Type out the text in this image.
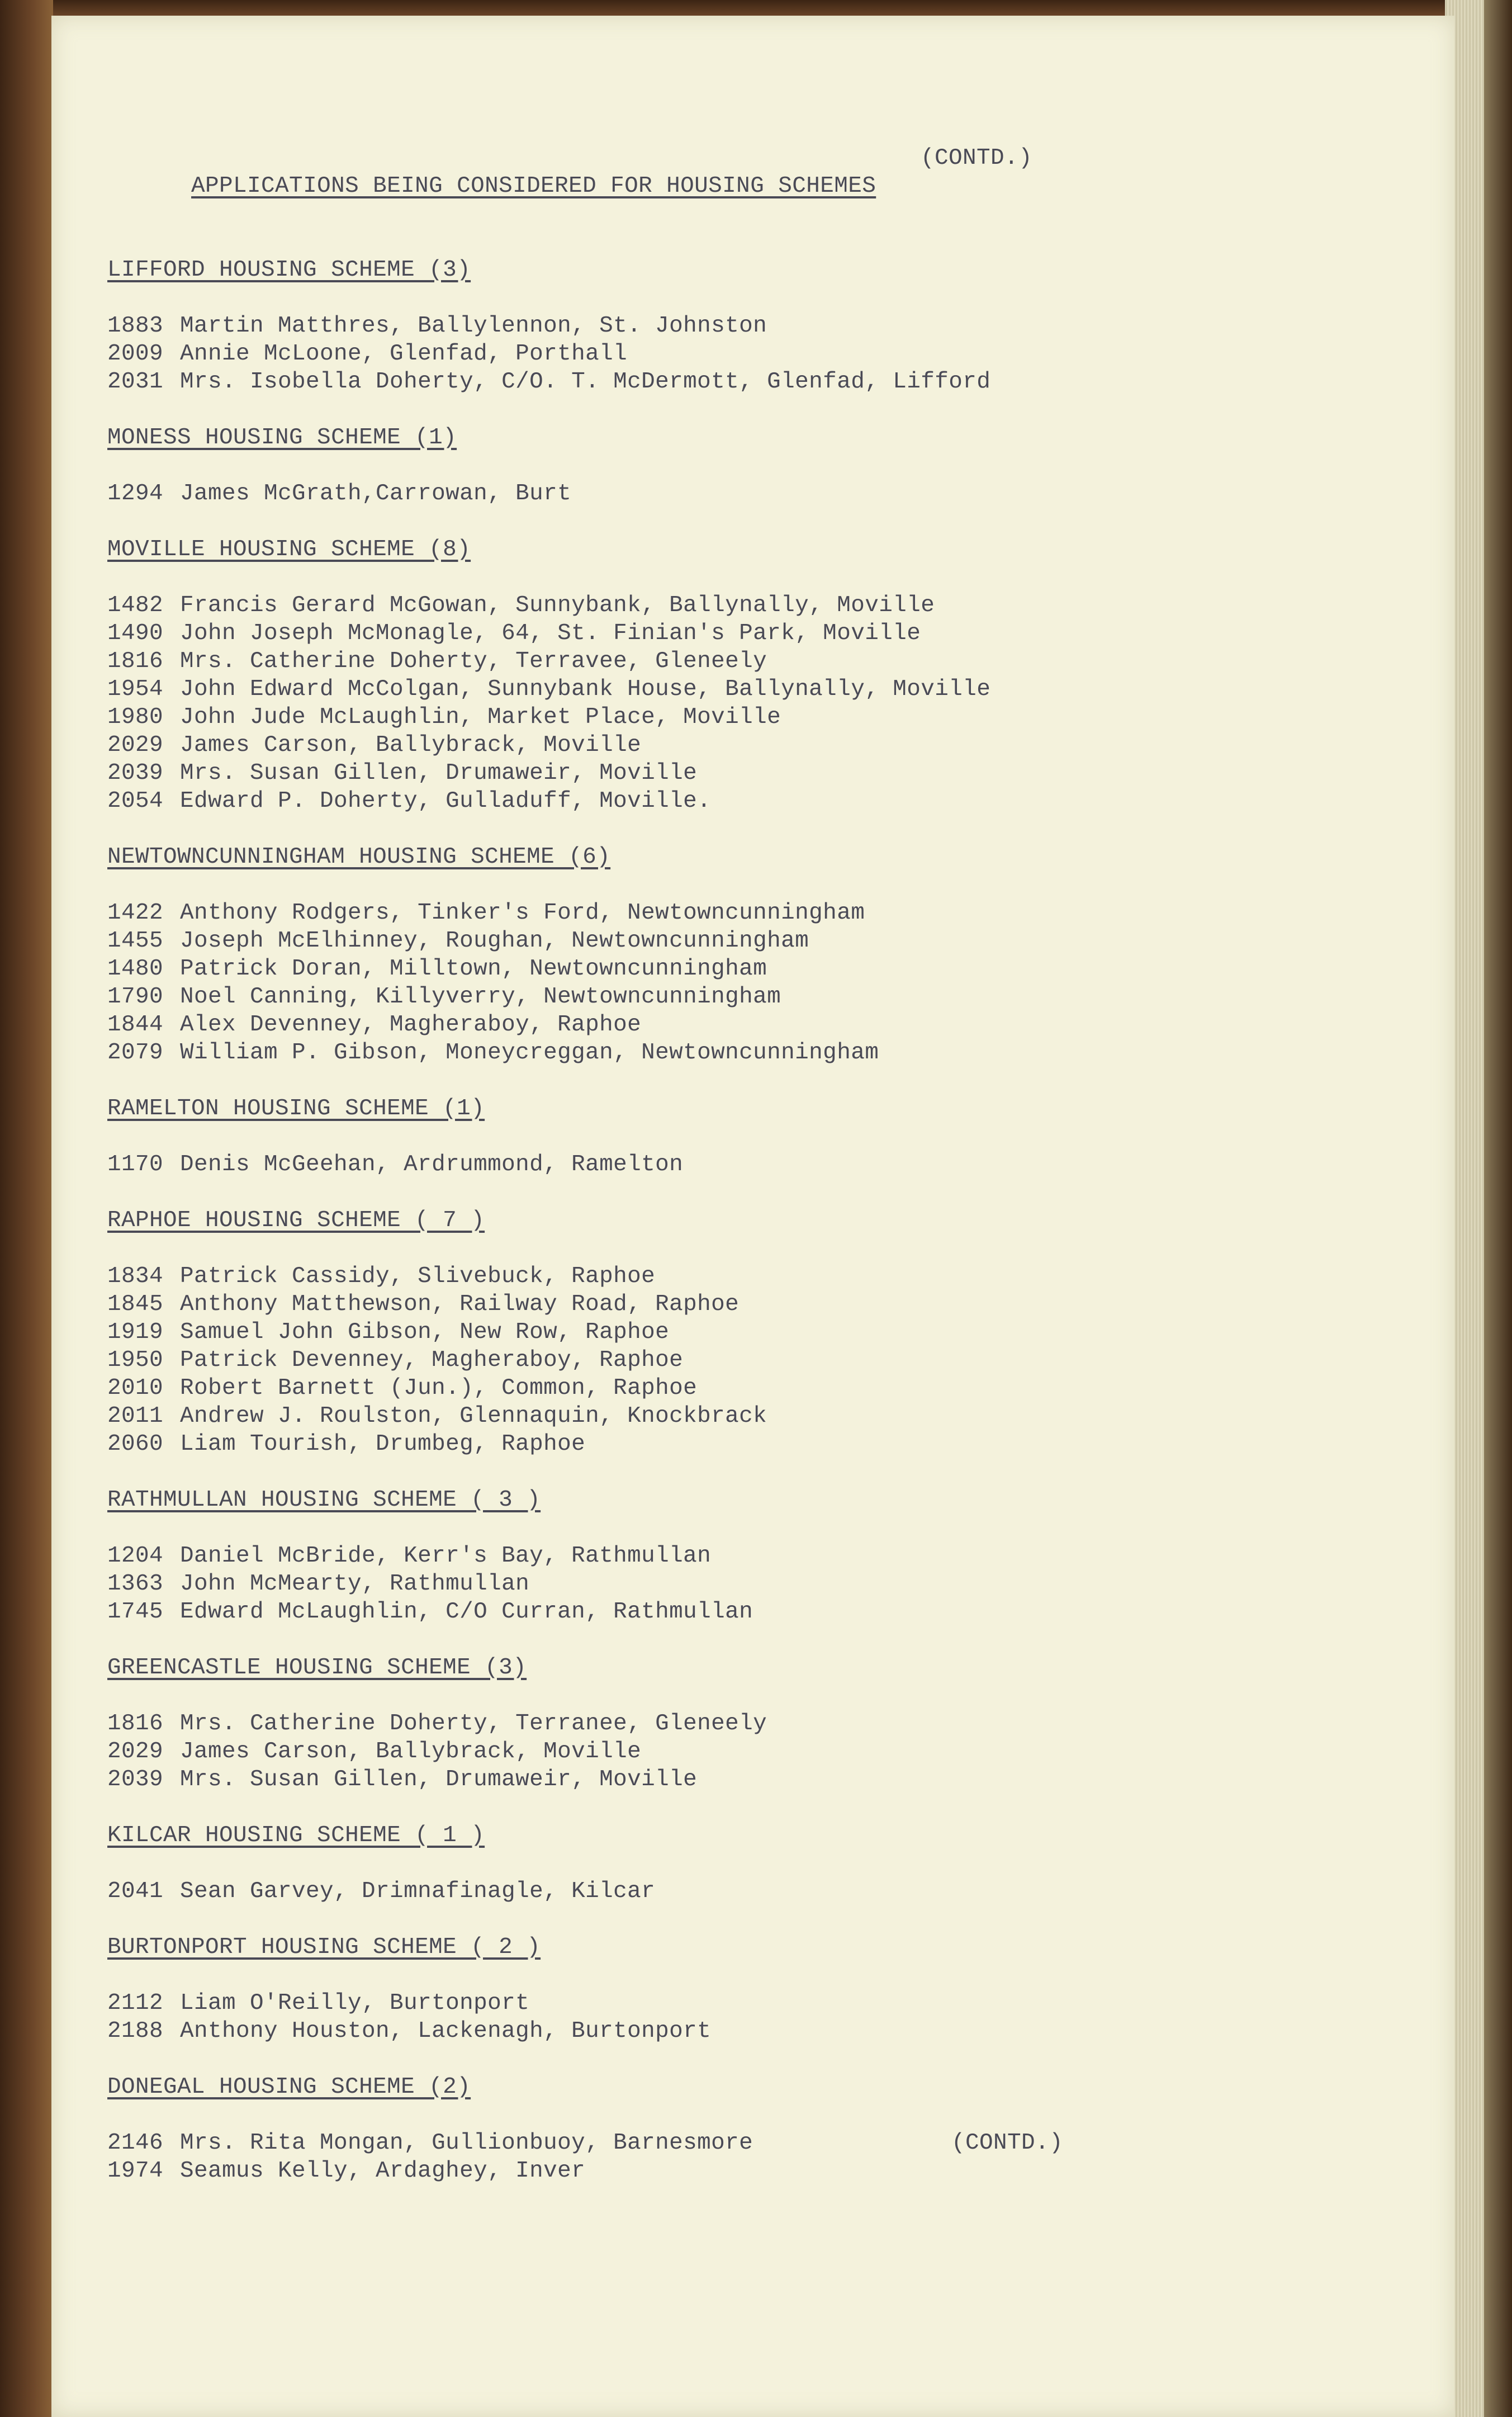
APPLICATIONS BEING CONSIDERED FOR HOUSING SCHEMES

(CONTD.)

LIFFORD HOUSING SCHEME (3)
1883 Martin Matthres, Ballylennon, St. Johnston
2009 Annie McLoone, Glenfad, Porthall
2031 Mrs. Isobella Doherty, C/O. T. McDermott, Glenfad, Lifford
MONESS HOUSING SCHEME (1)
1294 James McGrath,Carrowan, Burt
MOVILLE HOUSING SCHEME (8)
1482 Francis Gerard McGowan, Sunnybank, Ballynally, Moville
1490 John Joseph McMonagle, 64, St. Finian's Park, Moville
1816 Mrs. Catherine Doherty, Terravee, Gleneely
1954 John Edward McColgan, Sunnybank House, Ballynally, Moville
1980 John Jude McLaughlin, Market Place, Moville
2029 James Carson, Ballybrack, Moville
2039 Mrs. Susan Gillen, Drumaweir, Moville
2054 Edward P. Doherty, Gulladuff, Moville.
NEWTOWNCUNNINGHAM HOUSING SCHEME (6)
1422 Anthony Rodgers, Tinker's Ford, Newtowncunningham
1455 Joseph McElhinney, Roughan, Newtowncunningham
1480 Patrick Doran, Milltown, Newtowncunningham
1790 Noel Canning, Killyverry, Newtowncunningham
1844 Alex Devenney, Magheraboy, Raphoe
2079 William P. Gibson, Moneycreggan, Newtowncunningham
RAMELTON HOUSING SCHEME (1)
1170 Denis McGeehan, Ardrummond, Ramelton
RAPHOE HOUSING SCHEME ( 7 )
1834 Patrick Cassidy, Slivebuck, Raphoe
1845 Anthony Matthewson, Railway Road, Raphoe
1919 Samuel John Gibson, New Row, Raphoe
1950 Patrick Devenney, Magheraboy, Raphoe
2010 Robert Barnett (Jun.), Common, Raphoe
2011 Andrew J. Roulston, Glennaquin, Knockbrack
2060 Liam Tourish, Drumbeg, Raphoe
RATHMULLAN HOUSING SCHEME ( 3 )
1204 Daniel McBride, Kerr's Bay, Rathmullan
1363 John McMearty, Rathmullan
1745 Edward McLaughlin, C/O Curran, Rathmullan
GREENCASTLE HOUSING SCHEME (3)
1816 Mrs. Catherine Doherty, Terranee, Gleneely
2029 James Carson, Ballybrack, Moville
2039 Mrs. Susan Gillen, Drumaweir, Moville
KILCAR HOUSING SCHEME ( 1 )
2041 Sean Garvey, Drimnafinagle, Kilcar
BURTONPORT HOUSING SCHEME ( 2 )
2112 Liam O'Reilly, Burtonport
2188 Anthony Houston, Lackenagh, Burtonport
DONEGAL HOUSING SCHEME (2)
2146 Mrs. Rita Mongan, Gullionbuoy, Barnesmore	(CONTD.)
1974 Seamus Kelly, Ardaghey, Inver
